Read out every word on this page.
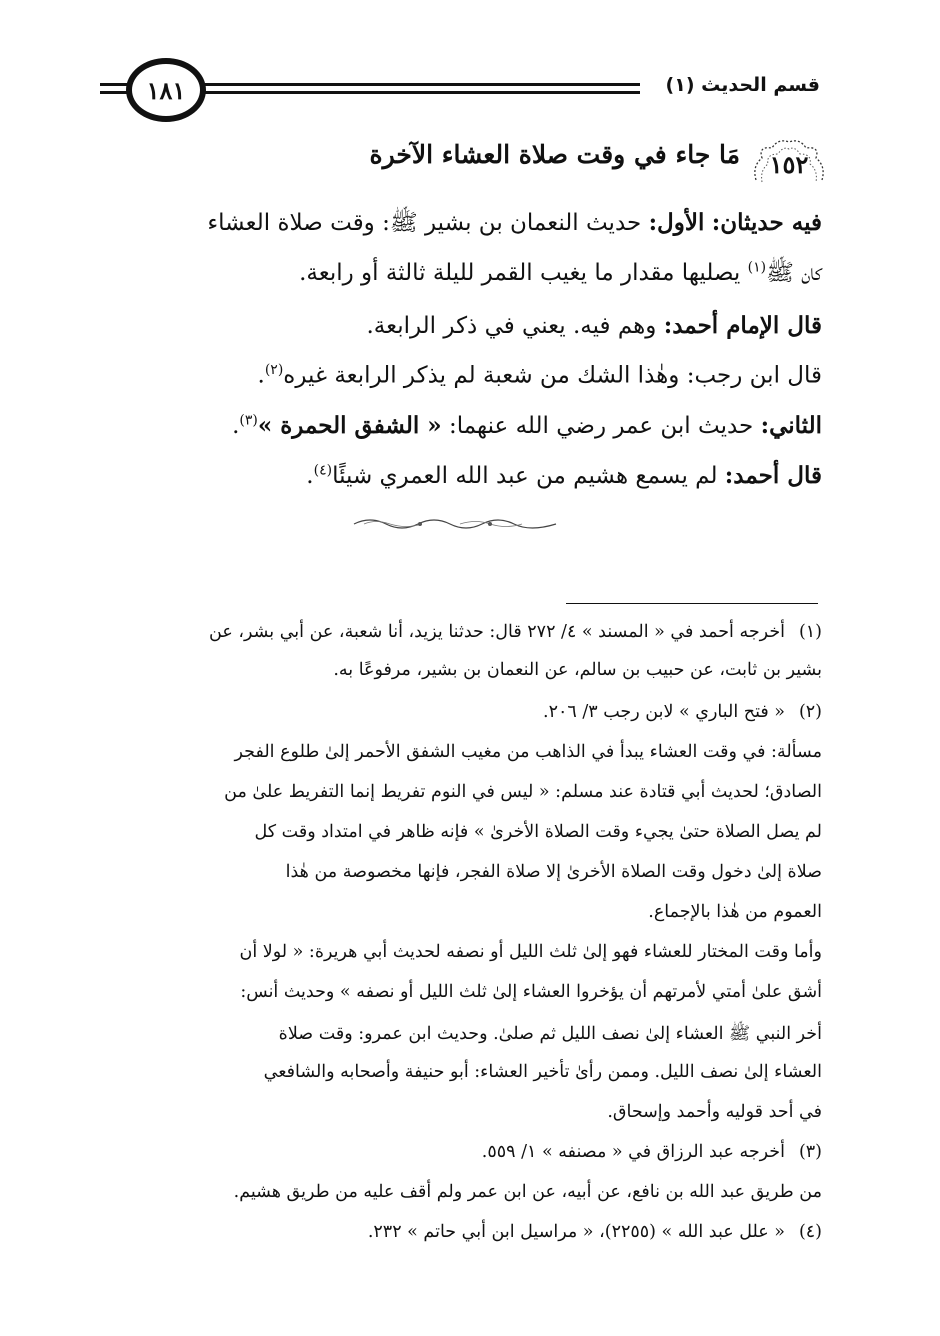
قسم الحديث (١)
١٨١
١٥٢
مَا جاء في وقت صلاة العشاء الآخرة
فيه حديثان: الأول: حديث النعمان بن بشير ﷺ: وقت صلاة العشاء
كان ﷺ$^{(١)}$ يصليها مقدار ما يغيب القمر لليلة ثالثة أو رابعة.
قال الإمام أحمد: وهم فيه. يعني في ذكر الرابعة.
قال ابن رجب: وهٰذا الشك من شعبة لم يذكر الرابعة غيره$^{(٢)}$.
الثاني: حديث ابن عمر رضي الله عنهما: « الشفق الحمرة »$^{(٣)}$.
قال أحمد: لم يسمع هشيم من عبد الله العمري شيئًا$^{(٤)}$.
(١)
أخرجه أحمد في « المسند » ٤/ ٢٧٢ قال: حدثنا يزيد، أنا شعبة، عن أبي بشر، عن
بشير بن ثابت، عن حبيب بن سالم، عن النعمان بن بشير، مرفوعًا به.
(٢)
« فتح الباري » لابن رجب ٣/ ٢٠٦.
مسألة: في وقت العشاء يبدأ في الذاهب من مغيب الشفق الأحمر إلىٰ طلوع الفجر
الصادق؛ لحديث أبي قتادة عند مسلم: « ليس في النوم تفريط إنما التفريط علىٰ من
لم يصل الصلاة حتىٰ يجيء وقت الصلاة الأخرىٰ » فإنه ظاهر في امتداد وقت كل
صلاة إلىٰ دخول وقت الصلاة الأخرىٰ إلا صلاة الفجر، فإنها مخصوصة من هٰذا
العموم من هٰذا بالإجماع.
وأما وقت المختار للعشاء فهو إلىٰ ثلث الليل أو نصفه لحديث أبي هريرة: « لولا أن
أشق علىٰ أمتي لأمرتهم أن يؤخروا العشاء إلىٰ ثلث الليل أو نصفه » وحديث أنس:
أخر النبي ﷺ العشاء إلىٰ نصف الليل ثم صلىٰ. وحديث ابن عمرو: وقت صلاة
العشاء إلىٰ نصف الليل. وممن رأىٰ تأخير العشاء: أبو حنيفة وأصحابه والشافعي
في أحد قوليه وأحمد وإسحاق.
(٣)
أخرجه عبد الرزاق في « مصنفه » ١/ ٥٥٩.
من طريق عبد الله بن نافع، عن أبيه، عن ابن عمر ولم أقف عليه من طريق هشيم.
(٤)
« علل عبد الله » (٢٢٥٥)، « مراسيل ابن أبي حاتم » ٢٣٢.
